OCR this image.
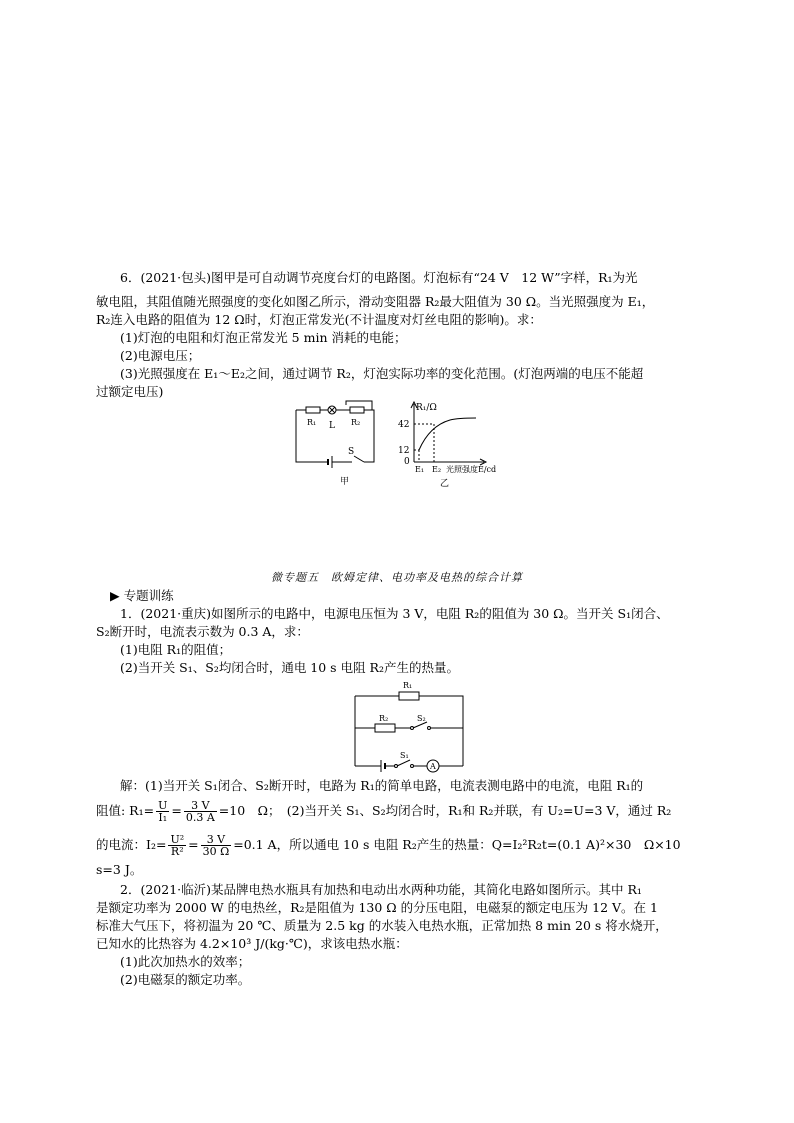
6．(2021·包头)图甲是可自动调节亮度台灯的电路图。灯泡标有“24 V　12 W”字样，R₁为光
敏电阻，其阻值随光照强度的变化如图乙所示，滑动变阻器 R₂最大阻值为 30 Ω。当光照强度为 E₁，
R₂连入电路的阻值为 12 Ω时，灯泡正常发光(不计温度对灯丝电阻的影响)。求：
(1)灯泡的电阻和灯泡正常发光 5 min 消耗的电能；
(2)电源电压；
(3)光照强度在 E₁～E₂之间，通过调节 R₂，灯泡实际功率的变化范围。(灯泡两端的电压不能超
过额定电压)
R₁ L R₂
S
甲
R₁/Ω
42
12
0
E₁ E₂ 光照强度E/cd
乙
微专题五　欧姆定律、电功率及电热的综合计算
▶ 专题训练
1．(2021·重庆)如图所示的电路中，电源电压恒为 3 V，电阻 R₂的阻值为 30 Ω。当开关 S₁闭合、
S₂断开时，电流表示数为 0.3 A，求：
(1)电阻 R₁的阻值；
(2)当开关 S₁、S₂均闭合时，通电 10 s 电阻 R₂产生的热量。
R₁
R₂	S₂
S₁
A
解：(1)当开关 S₁闭合、S₂断开时，电路为 R₁的简单电路，电流表测电路中的电流，电阻 R₁的
阻值: $R_1= \frac{U}{\text{I₁}} = \frac{3 V}{0.3 A} =10$　Ω；　(2)当开关 S₁、S₂均闭合时，R₁和 R₂并联，有 U₂=U=3 V，通过 R₂
的电流：$I_2= \frac{\text{U²}}{\text{R²}} = \frac{3 V}{30 \Omega} =0.1$ A，所以通电 10 s 电阻 R₂产生的热量：Q=I₂²R₂t=(0.1 A)²×30　Ω×10
s=3 J。
2．(2021·临沂)某品牌电热水瓶具有加热和电动出水两种功能，其简化电路如图所示。其中 R₁
是额定功率为 2000 W 的电热丝，R₂是阻值为 130 Ω 的分压电阻，电磁泵的额定电压为 12 V。在 1
标准大气压下，将初温为 20 ℃、质量为 2.5 kg 的水装入电热水瓶，正常加热 8 min 20 s 将水烧开，
已知水的比热容为 4.2×10³ J/(kg·℃)，求该电热水瓶：
(1)此次加热水的效率；
(2)电磁泵的额定功率。
